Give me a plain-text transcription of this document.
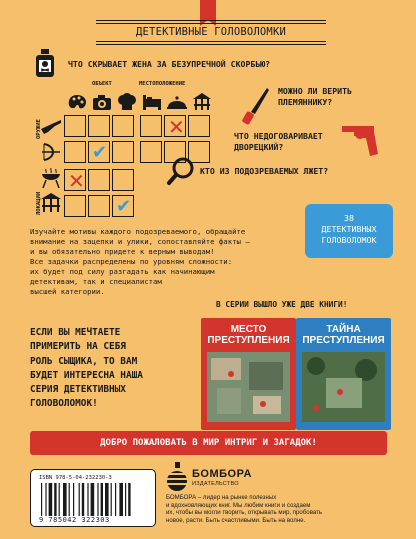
ДЕТЕКТИВНЫЕ ГОЛОВОЛОМКИ
ЧТО СКРЫВАЕТ ЖЕНА ЗА БЕЗУПРЕЧНОЙ СКОРБЬЮ?
МОЖНО ЛИ ВЕРИТЬ
ПЛЕМЯННИКУ?
ОБЪЕКТ	МЕСТОПОЛОЖЕНИЕ
ОРУЖИЕ
ЛОКАЦИИ
✕
✔
✕
✔
ЧТО НЕДОГОВАРИВАЕТ
ДВОРЕЦКИЙ?
КТО ИЗ ПОДОЗРЕВАЕМЫХ ЛЖЕТ?
Изучайте мотивы каждого подозреваемого, обращайте
внимание на зацепки и улики, сопоставляйте факты –
и вы обязательно придете к верным выводам!
Все задачки распределены по уровням сложности:
их будет под силу разгадать как начинающим
детективам, так и специалистам
высшей категории.
38
ДЕТЕКТИВНЫХ
ГОЛОВОЛОМОК
В СЕРИИ ВЫШЛО УЖЕ ДВЕ КНИГИ!
ЕСЛИ ВЫ МЕЧТАЕТЕ
ПРИМЕРИТЬ НА СЕБЯ
РОЛЬ СЫЩИКА, ТО ВАМ
БУДЕТ ИНТЕРЕСНА НАША
СЕРИЯ ДЕТЕКТИВНЫХ
ГОЛОВОЛОМОК!
МЕСТО
ПРЕСТУПЛЕНИЯ
ТАЙНА
ПРЕСТУПЛЕНИЯ
ДОБРО ПОЖАЛОВАТЬ В МИР ИНТРИГ И ЗАГАДОК!
ISBN 978-5-04-232230-3
9 785042 322303
БОМБОРА
ИЗДАТЕЛЬСТВО
БОМБОРА – лидер на рынке полезных
и вдохновляющих книг. Мы любим книги и создаем
их, чтобы вы могли творить, открывать мир, пробовать
новое, расти. Быть счастливыми. Быть на волне.
